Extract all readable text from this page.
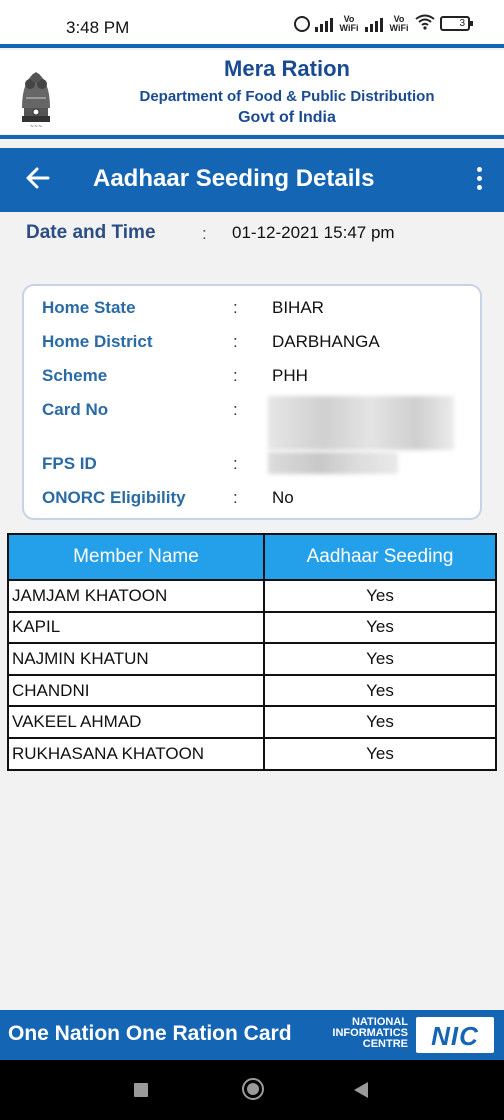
3:48 PM	Vo
WiFi
Vo
WiFi	3
~~~
Mera Ration
Department of Food & Public Distribution
Govt of India
Aadhaar Seeding Details
Date and Time	: 01-12-2021 15:47 pm
Home State	: BIHAR
Home District	: DARBHANGA
Scheme	: PHH
Card No	:
FPS ID	:
ONORC Eligibility	: No
Member Name	Aadhaar Seeding
JAMJAM KHATOON	Yes
KAPIL	Yes
NAJMIN KHATUN	Yes
CHANDNI	Yes
VAKEEL AHMAD	Yes
RUKHASANA KHATOON	Yes
One Nation One Ration Card	NATIONAL
INFORMATICS
CENTRE NIC
